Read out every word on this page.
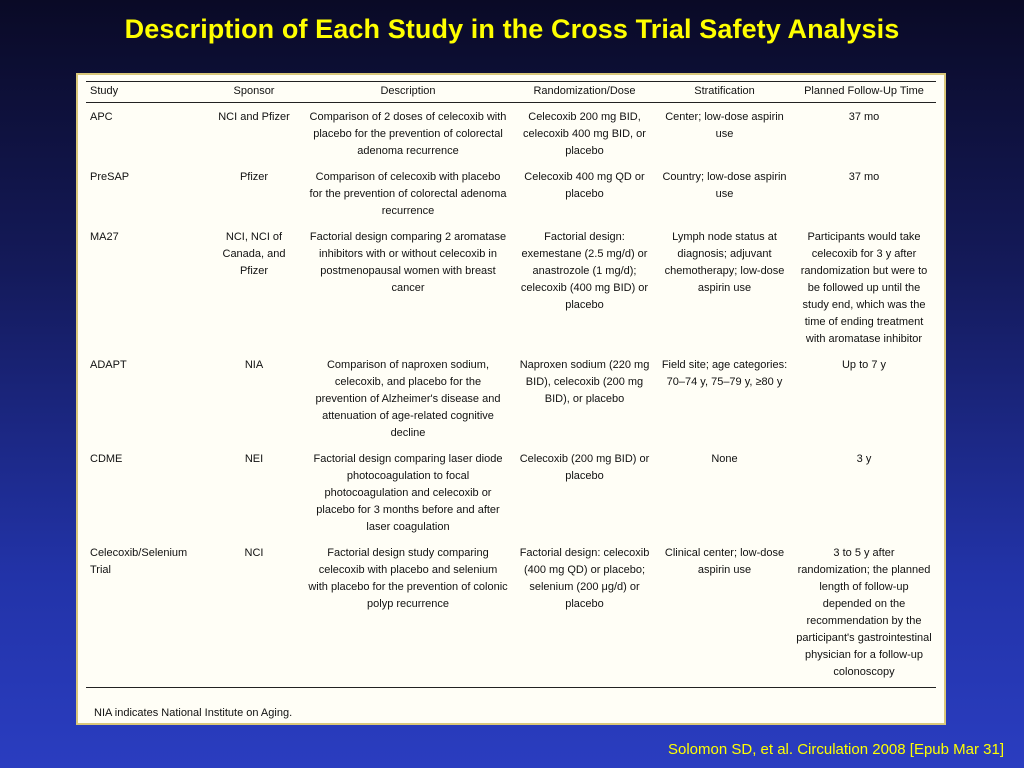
Description of Each Study in the Cross Trial Safety Analysis
Study	Sponsor	Description	Randomization/Dose	Stratification	Planned Follow-Up Time
APC	NCI and Pfizer	Comparison of 2 doses of celecoxib with placebo for the prevention of colorectal adenoma recurrence	Celecoxib 200 mg BID, celecoxib 400 mg BID, or placebo	Center; low-dose aspirin use	37 mo
PreSAP	Pfizer	Comparison of celecoxib with placebo for the prevention of colorectal adenoma recurrence	Celecoxib 400 mg QD or placebo	Country; low-dose aspirin use	37 mo
MA27	NCI, NCI of Canada, and Pfizer	Factorial design comparing 2 aromatase inhibitors with or without celecoxib in postmenopausal women with breast cancer	Factorial design: exemestane (2.5 mg/d) or anastrozole (1 mg/d); celecoxib (400 mg BID) or placebo	Lymph node status at diagnosis; adjuvant chemotherapy; low-dose aspirin use	Participants would take celecoxib for 3 y after randomization but were to be followed up until the study end, which was the time of ending treatment with aromatase inhibitor
ADAPT	NIA	Comparison of naproxen sodium, celecoxib, and placebo for the prevention of Alzheimer's disease and attenuation of age-related cognitive decline	Naproxen sodium (220 mg BID), celecoxib (200 mg BID), or placebo	Field site; age categories: 70–74 y, 75–79 y, ≥80 y	Up to 7 y
CDME	NEI	Factorial design comparing laser diode photocoagulation to focal photocoagulation and celecoxib or placebo for 3 months before and after laser coagulation	Celecoxib (200 mg BID) or placebo	None	3 y
Celecoxib/Selenium Trial	NCI	Factorial design study comparing celecoxib with placebo and selenium with placebo for the prevention of colonic polyp recurrence	Factorial design: celecoxib (400 mg QD) or placebo; selenium (200 μg/d) or placebo	Clinical center; low-dose aspirin use	3 to 5 y after randomization; the planned length of follow-up depended on the recommendation by the participant's gastrointestinal physician for a follow-up colonoscopy
NIA indicates National Institute on Aging.
Solomon SD, et al. Circulation 2008 [Epub Mar 31]
